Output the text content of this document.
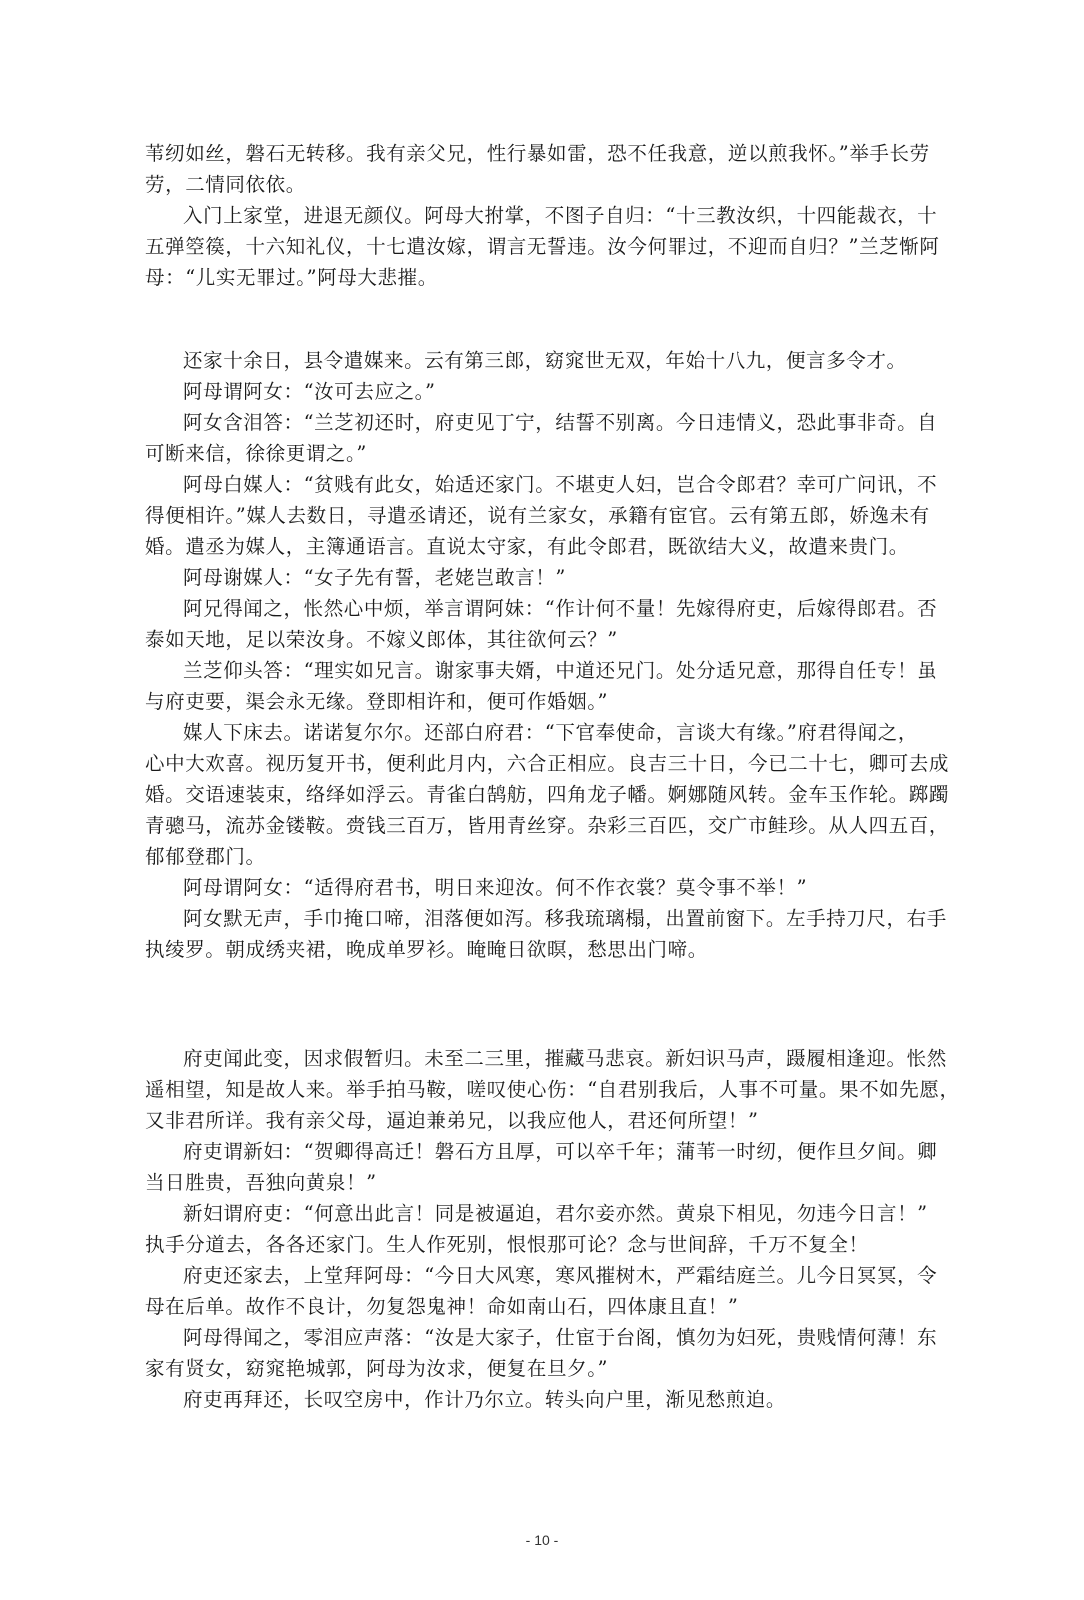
苇纫如丝，磐石无转移。我有亲父兄，性行暴如雷，恐不任我意，逆以煎我怀。”举手长劳
劳，二情同依依。
入门上家堂，进退无颜仪。阿母大拊掌，不图子自归：“十三教汝织，十四能裁衣，十
五弹箜篌，十六知礼仪，十七遣汝嫁，谓言无誓违。汝今何罪过，不迎而自归？”兰芝惭阿
母：“儿实无罪过。”阿母大悲摧。
还家十余日，县令遣媒来。云有第三郎，窈窕世无双，年始十八九，便言多令才。
阿母谓阿女：“汝可去应之。”
阿女含泪答：“兰芝初还时，府吏见丁宁，结誓不别离。今日违情义，恐此事非奇。自
可断来信，徐徐更谓之。”
阿母白媒人：“贫贱有此女，始适还家门。不堪吏人妇，岂合令郎君？幸可广问讯，不
得便相许。”媒人去数日，寻遣丞请还，说有兰家女，承籍有宦官。云有第五郎，娇逸未有
婚。遣丞为媒人，主簿通语言。直说太守家，有此令郎君，既欲结大义，故遣来贵门。
阿母谢媒人：“女子先有誓，老姥岂敢言！”
阿兄得闻之，怅然心中烦，举言谓阿妹：“作计何不量！先嫁得府吏，后嫁得郎君。否
泰如天地，足以荣汝身。不嫁义郎体，其往欲何云？”
兰芝仰头答：“理实如兄言。谢家事夫婿，中道还兄门。处分适兄意，那得自任专！虽
与府吏要，渠会永无缘。登即相许和，便可作婚姻。”
媒人下床去。诺诺复尔尔。还部白府君：“下官奉使命，言谈大有缘。”府君得闻之，
心中大欢喜。视历复开书，便利此月内，六合正相应。良吉三十日，今已二十七，卿可去成
婚。交语速装束，络绎如浮云。青雀白鹄舫，四角龙子幡。婀娜随风转。金车玉作轮。踯躅
青骢马，流苏金镂鞍。赍钱三百万，皆用青丝穿。杂彩三百匹，交广市鲑珍。从人四五百，
郁郁登郡门。
阿母谓阿女：“适得府君书，明日来迎汝。何不作衣裳？莫令事不举！”
阿女默无声，手巾掩口啼，泪落便如泻。移我琉璃榻，出置前窗下。左手持刀尺，右手
执绫罗。朝成绣夹裙，晚成单罗衫。晻晻日欲暝，愁思出门啼。
府吏闻此变，因求假暂归。未至二三里，摧藏马悲哀。新妇识马声，蹑履相逢迎。怅然
遥相望，知是故人来。举手拍马鞍，嗟叹使心伤：“自君别我后，人事不可量。果不如先愿，
又非君所详。我有亲父母，逼迫兼弟兄，以我应他人，君还何所望！”
府吏谓新妇：“贺卿得高迁！磐石方且厚，可以卒千年；蒲苇一时纫，便作旦夕间。卿
当日胜贵，吾独向黄泉！”
新妇谓府吏：“何意出此言！同是被逼迫，君尔妾亦然。黄泉下相见，勿违今日言！”
执手分道去，各各还家门。生人作死别，恨恨那可论？念与世间辞，千万不复全！
府吏还家去，上堂拜阿母：“今日大风寒，寒风摧树木，严霜结庭兰。儿今日冥冥，令
母在后单。故作不良计，勿复怨鬼神！命如南山石，四体康且直！”
阿母得闻之，零泪应声落：“汝是大家子，仕宦于台阁，慎勿为妇死，贵贱情何薄！东
家有贤女，窈窕艳城郭，阿母为汝求，便复在旦夕。”
府吏再拜还，长叹空房中，作计乃尔立。转头向户里，渐见愁煎迫。
- 10 -
